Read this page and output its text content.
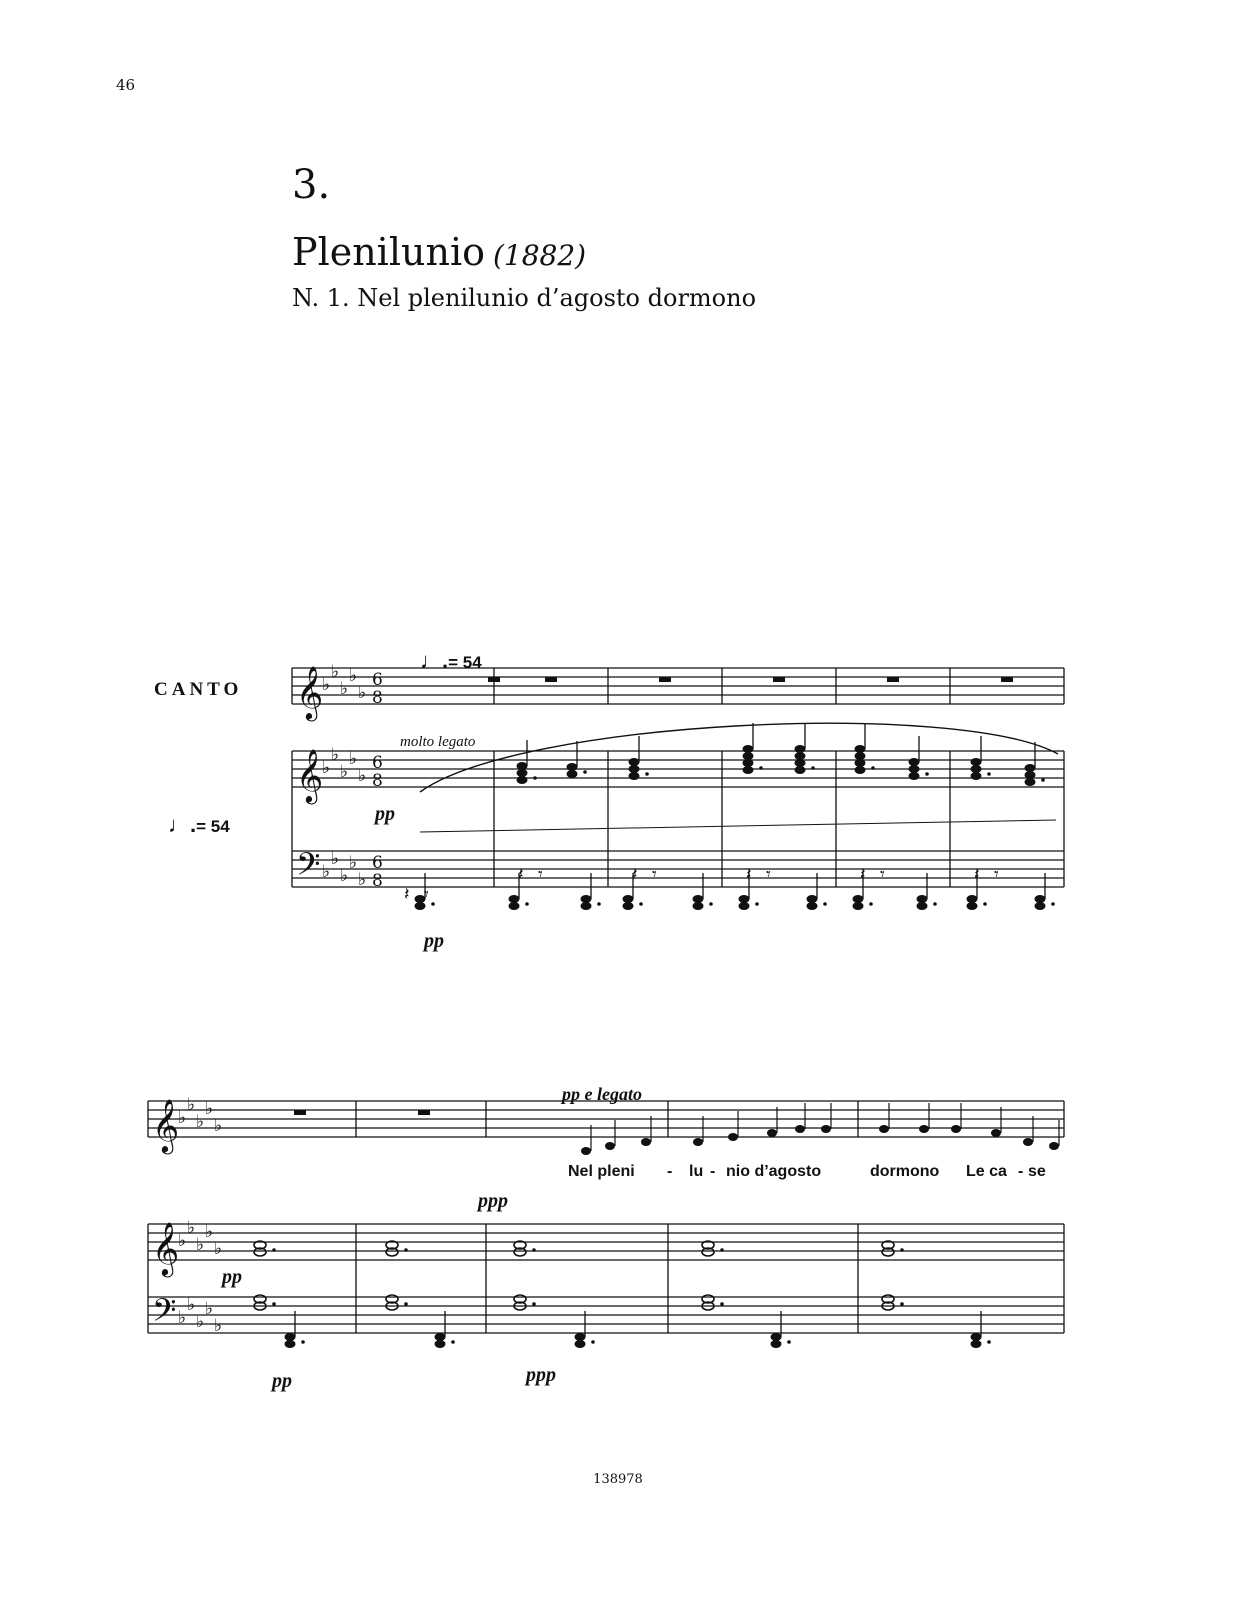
46
3.
Plenilunio (1882)
N. 1. Nel plenilunio d’agosto dormono
CANTO
♩.= 54
♩.= 54
molto legato
pp
pp
pp e legato
pp
ppp
pp	ppp
Nel pleni - lu - nio d’agosto	dormono Le ca - se
𝄞
♭
♭
♭
♭
♭
𝄞
♭
♭
♭
♭
♭
𝄢 ♭
♭
♭
♭
♭
𝄞
♭
♭
♭
♭
♭
𝄞
♭
♭
♭
♭
♭
𝄢 ♭
♭
♭
♭
♭
6
8
6
8
6
8
𝄽 𝄾
𝄽 𝄾	𝄽 𝄾	𝄽 𝄾	𝄽 𝄾	𝄽 𝄾
138978
